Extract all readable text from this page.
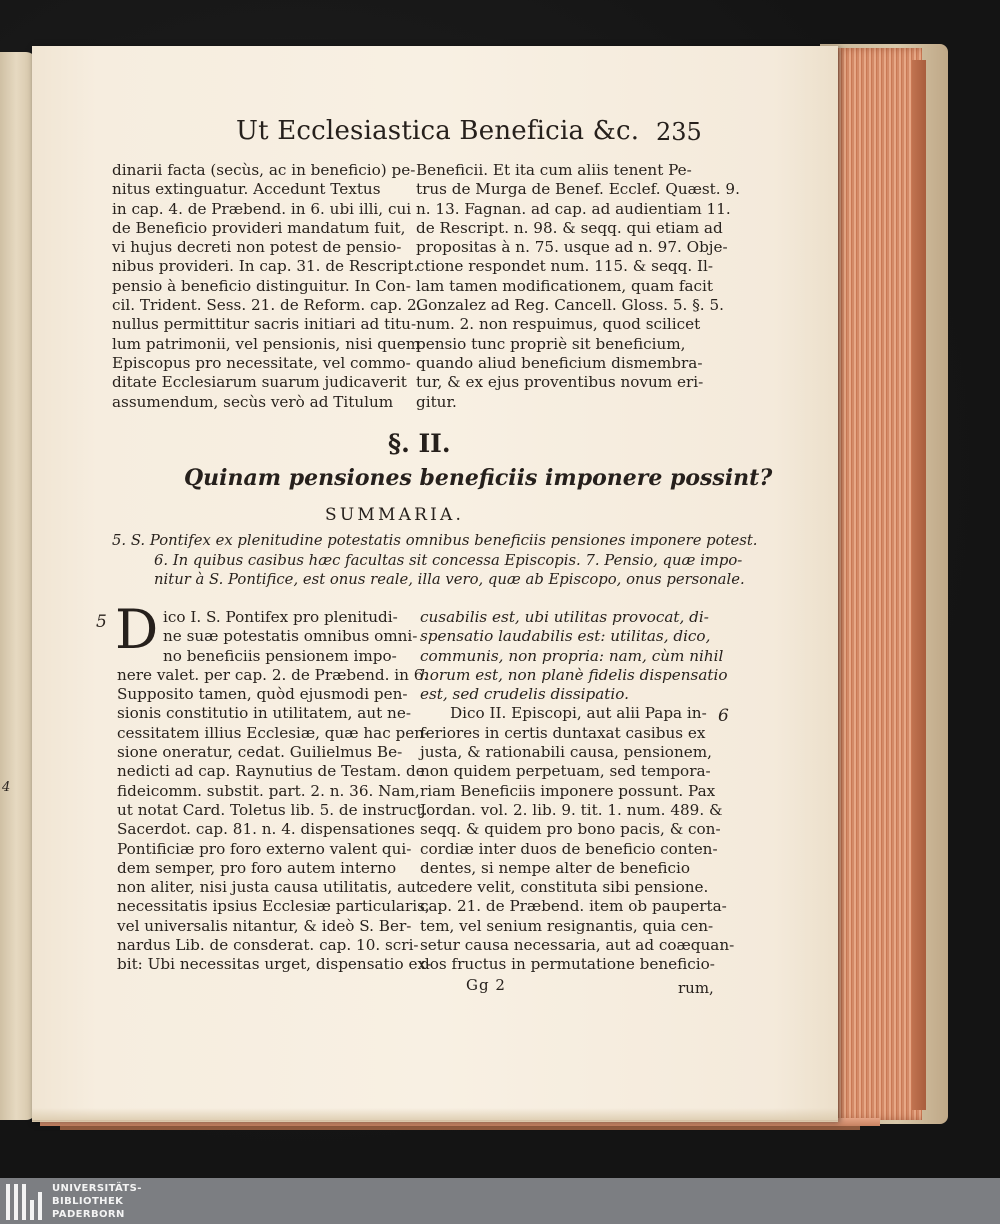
4
Ut Ecclesiastica Beneficia &c. 235
dinarii facta (secùs, ac in beneficio) pe-
nitus extinguatur. Accedunt Textus
in cap. 4. de Præbend. in 6. ubi illi, cui
de Beneficio provideri mandatum fuit,
vi hujus decreti non potest de pensio-
nibus provideri. In cap. 31. de Rescript.
pensio à beneficio distinguitur. In Con-
cil. Trident. Sess. 21. de Reform. cap. 2.
nullus permittitur sacris initiari ad titu-
lum patrimonii, vel pensionis, nisi quem
Episcopus pro necessitate, vel commo-
ditate Ecclesiarum suarum judicaverit
assumendum, secùs verò ad Titulum
Beneficii. Et ita cum aliis tenent Pe-
trus de Murga de Benef. Ecclef. Quæst. 9.
n. 13. Fagnan. ad cap. ad audientiam 11.
de Rescript. n. 98. & seqq. qui etiam ad
propositas à n. 75. usque ad n. 97. Obje-
ctione respondet num. 115. & seqq. Il-
lam tamen modificationem, quam facit
Gonzalez ad Reg. Cancell. Gloss. 5. §. 5.
num. 2. non respuimus, quod scilicet
pensio tunc propriè sit beneficium,
quando aliud beneficium dismembra-
tur, & ex ejus proventibus novum eri-
gitur.
§. II.
Quinam pensiones beneficiis imponere possint?
SUMMARIA.
5. S. Pontifex ex plenitudine potestatis omnibus beneficiis pensiones imponere potest.
6. In quibus casibus hæc facultas sit concessa Episcopis. 7. Pensio, quæ impo-
nitur à S. Pontifice, est onus reale, illa vero, quæ ab Episcopo, onus personale.
5
6
D ico I. S. Pontifex pro plenitudi-
ne suæ potestatis omnibus omni-
no beneficiis pensionem impo-
nere valet. per cap. 2. de Præbend. in 6.
Supposito tamen, quòd ejusmodi pen-
sionis constitutio in utilitatem, aut ne-
cessitatem illius Ecclesiæ, quæ hac pen-
sione oneratur, cedat. Guilielmus Be-
nedicti ad cap. Raynutius de Testam. de
fideicomm. substit. part. 2. n. 36. Nam,
ut notat Card. Toletus lib. 5. de instruct.
Sacerdot. cap. 81. n. 4. dispensationes
Pontificiæ pro foro externo valent qui-
dem semper, pro foro autem interno
non aliter, nisi justa causa utilitatis, aut
necessitatis ipsius Ecclesiæ particularis,
vel universalis nitantur, & ideò S. Ber-
nardus Lib. de consderat. cap. 10. scri-
bit: Ubi necessitas urget, dispensatio ex-
cusabilis est, ubi utilitas provocat, di-
spensatio laudabilis est: utilitas, dico,
communis, non propria: nam, cùm nihil
horum est, non planè fidelis dispensatio
est, sed crudelis dissipatio.
Dico II. Episcopi, aut alii Papa in-
feriores in certis duntaxat casibus ex
justa, & rationabili causa, pensionem,
non quidem perpetuam, sed tempora-
riam Beneficiis imponere possunt. Pax
Jordan. vol. 2. lib. 9. tit. 1. num. 489. &
seqq. & quidem pro bono pacis, & con-
cordiæ inter duos de beneficio conten-
dentes, si nempe alter de beneficio
cedere velit, constituta sibi pensione.
cap. 21. de Præbend. item ob pauperta-
tem, vel senium resignantis, quia cen-
setur causa necessaria, aut ad coæquan-
dos fructus in permutatione beneficio-
Gg 2	rum,
UNIVERSITÄTS-
BIBLIOTHEK
PADERBORN
